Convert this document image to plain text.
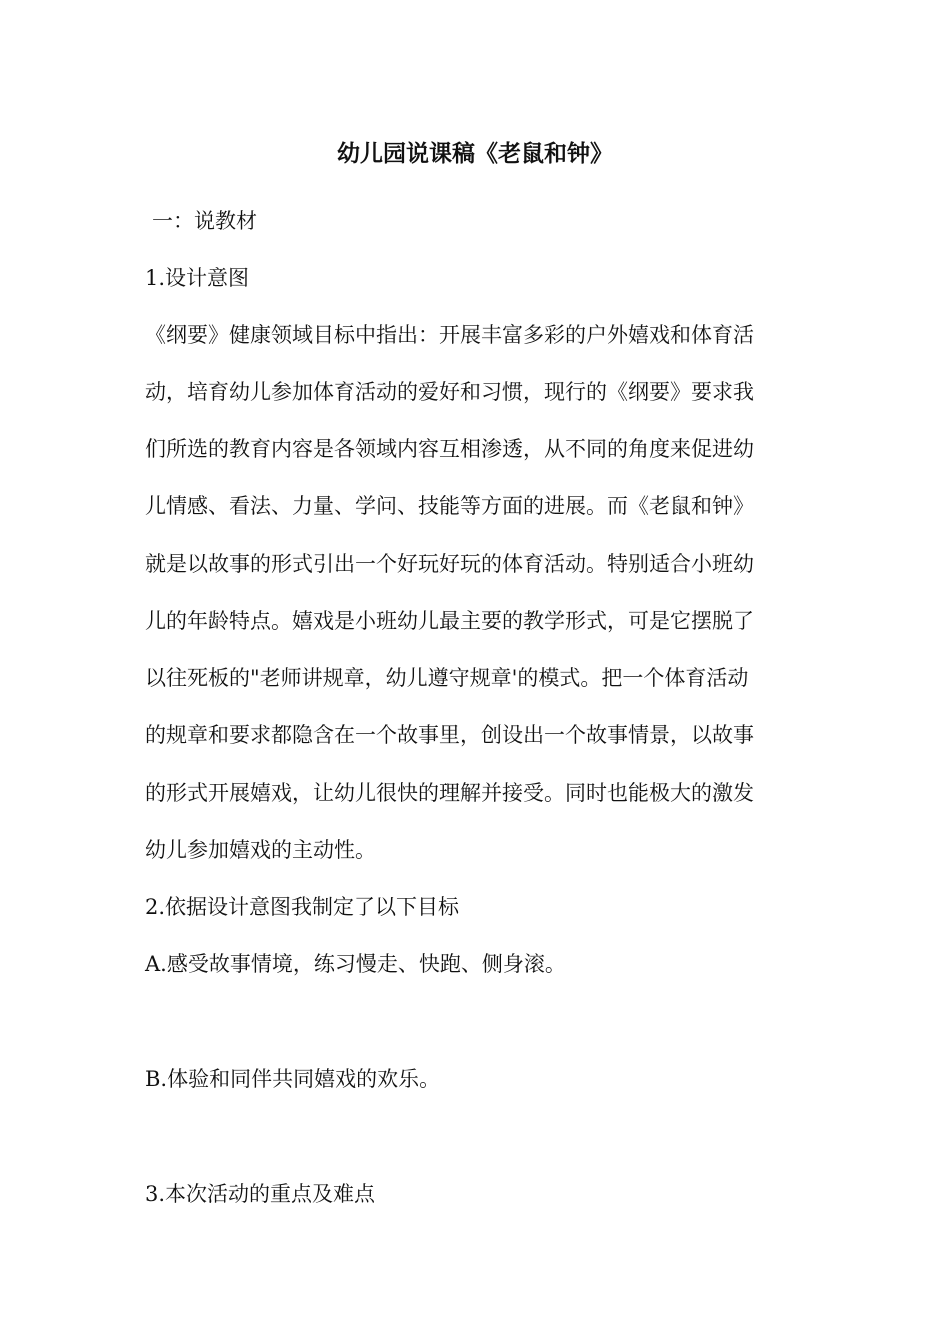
幼儿园说课稿《老鼠和钟》
一：说教材
1.设计意图
《纲要》健康领域目标中指出：开展丰富多彩的户外嬉戏和体育活
动，培育幼儿参加体育活动的爱好和习惯，现行的《纲要》要求我
们所选的教育内容是各领域内容互相渗透，从不同的角度来促进幼
儿情感、看法、力量、学问、技能等方面的进展。而《老鼠和钟》
就是以故事的形式引出一个好玩好玩的体育活动。特别适合小班幼
儿的年龄特点。嬉戏是小班幼儿最主要的教学形式，可是它摆脱了
以往死板的"老师讲规章，幼儿遵守规章'的模式。把一个体育活动
的规章和要求都隐含在一个故事里，创设出一个故事情景，以故事
的形式开展嬉戏，让幼儿很快的理解并接受。同时也能极大的激发
幼儿参加嬉戏的主动性。
2.依据设计意图我制定了以下目标
A.感受故事情境，练习慢走、快跑、侧身滚。
B.体验和同伴共同嬉戏的欢乐。
3.本次活动的重点及难点
